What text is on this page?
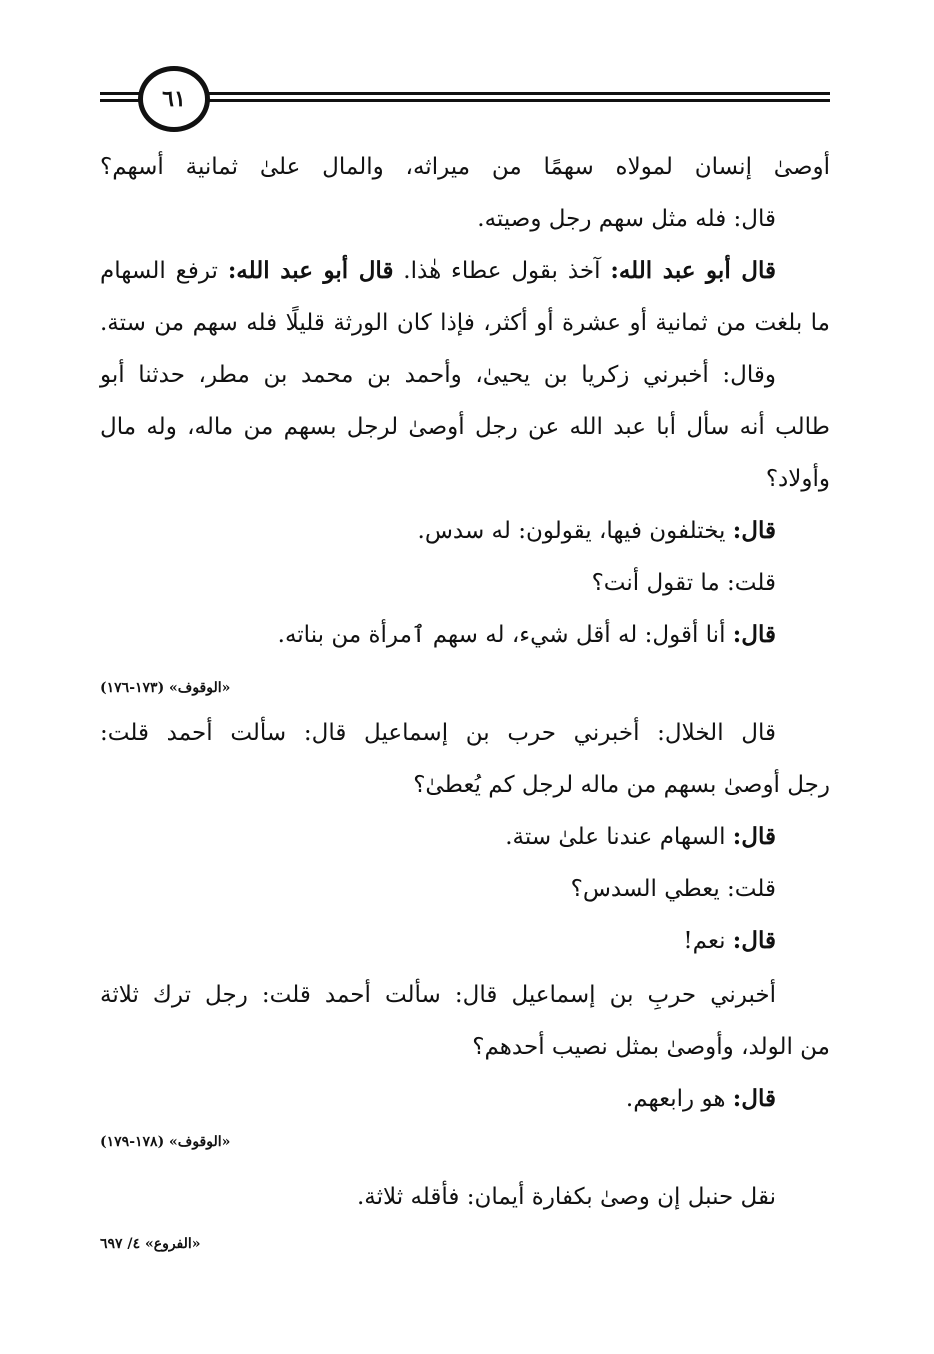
٦١
أوصىٰ إنسان لمولاه سهمًا من ميراثه، والمال علىٰ ثمانية أسهم؟
قال: فله مثل سهم رجل وصيته.
قال أبو عبد الله: آخذ بقول عطاء هٰذا. قال أبو عبد الله: ترفع السهام
ما بلغت من ثمانية أو عشرة أو أكثر، فإذا كان الورثة قليلًا فله سهم من ستة.
وقال: أخبرني زكريا بن يحيىٰ، وأحمد بن محمد بن مطر، حدثنا أبو
طالب أنه سأل أبا عبد الله عن رجل أوصىٰ لرجل بسهم من ماله، وله مال
وأولاد؟
قال: يختلفون فيها، يقولون: له سدس.
قلت: ما تقول أنت؟
قال: أنا أقول: له أقل شيء، له سهم ٱمرأة من بناته.
«الوقوف» (١٧٣-١٧٦)
قال الخلال: أخبرني حرب بن إسماعيل قال: سألت أحمد قلت:
رجل أوصىٰ بسهم من ماله لرجل كم يُعطىٰ؟
قال: السهام عندنا علىٰ ستة.
قلت: يعطي السدس؟
قال: نعم!
أخبرني حربِ بن إسماعيل قال: سألت أحمد قلت: رجل ترك ثلاثة
من الولد، وأوصىٰ بمثل نصيب أحدهم؟
قال: هو رابعهم.
«الوقوف» (١٧٨-١٧٩)
نقل حنبل إن وصىٰ بكفارة أيمان: فأقله ثلاثة.
«الفروع» ٤/ ٦٩٧
